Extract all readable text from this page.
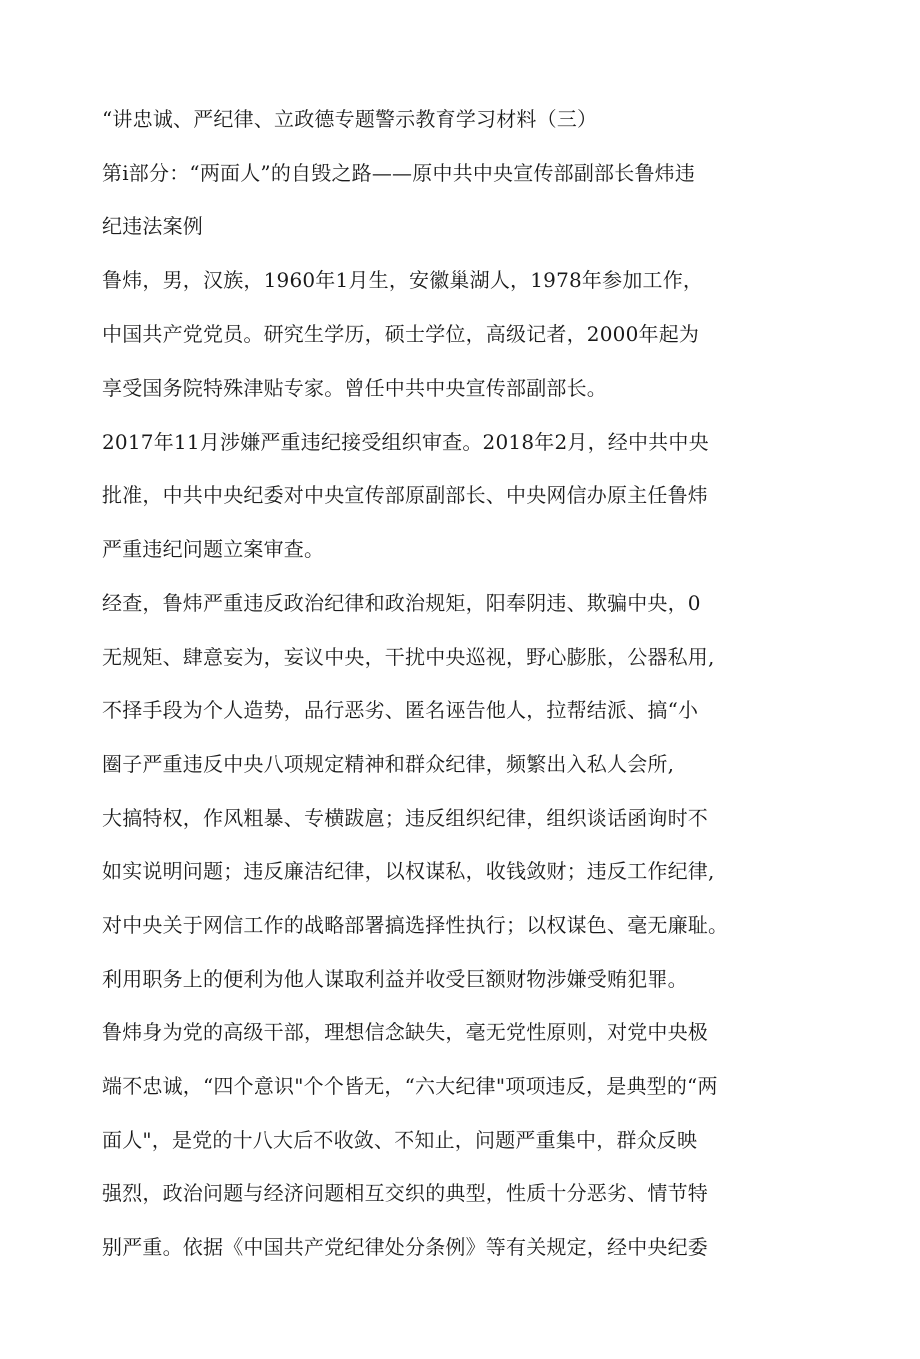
“讲忠诚、严纪律、立政德专题警示教育学习材料（三）

第i部分：“两面人”的自毁之路——原中共中央宣传部副部长鲁炜违

纪违法案例

鲁炜，男，汉族，1960年1月生，安徽巢湖人，1978年参加工作，

中国共产党党员。研究生学历，硕士学位，高级记者，2000年起为

享受国务院特殊津贴专家。曾任中共中央宣传部副部长。

2017年11月涉嫌严重违纪接受组织审查。2018年2月，经中共中央

批准，中共中央纪委对中央宣传部原副部长、中央网信办原主任鲁炜

严重违纪问题立案审查。

经查，鲁炜严重违反政治纪律和政治规矩，阳奉阴违、欺骗中央，0

无规矩、肆意妄为，妄议中央，干扰中央巡视，野心膨胀，公器私用,

不择手段为个人造势，品行恶劣、匿名诬告他人，拉帮结派、搞“小

圈子严重违反中央八项规定精神和群众纪律，频繁出入私人会所,

大搞特权，作风粗暴、专横跋扈；违反组织纪律，组织谈话函询时不

如实说明问题；违反廉洁纪律，以权谋私，收钱敛财；违反工作纪律,

对中央关于网信工作的战略部署搞选择性执行；以权谋色、毫无廉耻。

利用职务上的便利为他人谋取利益并收受巨额财物涉嫌受贿犯罪。

鲁炜身为党的高级干部，理想信念缺失，毫无党性原则，对党中央极

端不忠诚，“四个意识"个个皆无，“六大纪律"项项违反，是典型的“两

面人"，是党的十八大后不收敛、不知止，问题严重集中，群众反映

强烈，政治问题与经济问题相互交织的典型，性质十分恶劣、情节特

别严重。依据《中国共产党纪律处分条例》等有关规定，经中央纪委
